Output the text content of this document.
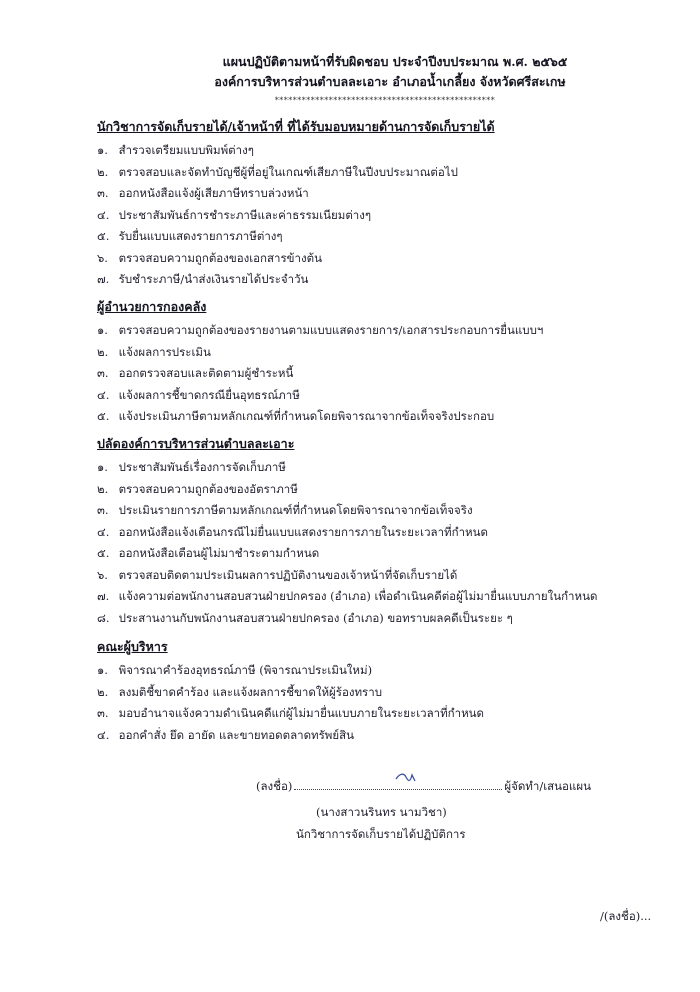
แผนปฏิบัติตามหน้าที่รับผิดชอบ ประจำปีงบประมาณ พ.ศ. ๒๕๖๕
องค์การบริหารส่วนตำบลละเอาะ อำเภอน้ำเกลี้ยง จังหวัดศรีสะเกษ
*************************************************
นักวิชาการจัดเก็บรายได้/เจ้าหน้าที่ ที่ได้รับมอบหมายด้านการจัดเก็บรายได้
๑. สำรวจเตรียมแบบพิมพ์ต่างๆ
๒. ตรวจสอบและจัดทำบัญชีผู้ที่อยู่ในเกณฑ์เสียภาษีในปีงบประมาณต่อไป
๓. ออกหนังสือแจ้งผู้เสียภาษีทราบล่วงหน้า
๔. ประชาสัมพันธ์การชำระภาษีและค่าธรรมเนียมต่างๆ
๕. รับยื่นแบบแสดงรายการภาษีต่างๆ
๖. ตรวจสอบความถูกต้องของเอกสารข้างต้น
๗. รับชำระภาษี/นำส่งเงินรายได้ประจำวัน
ผู้อำนวยการกองคลัง
๑. ตรวจสอบความถูกต้องของรายงานตามแบบแสดงรายการ/เอกสารประกอบการยื่นแบบฯ
๒. แจ้งผลการประเมิน
๓. ออกตรวจสอบและติดตามผู้ชำระหนี้
๔. แจ้งผลการชี้ขาดกรณียื่นอุทธรณ์ภาษี
๕. แจ้งประเมินภาษีตามหลักเกณฑ์ที่กำหนดโดยพิจารณาจากข้อเท็จจริงประกอบ
ปลัดองค์การบริหารส่วนตำบลละเอาะ
๑. ประชาสัมพันธ์เรื่องการจัดเก็บภาษี
๒. ตรวจสอบความถูกต้องของอัตราภาษี
๓. ประเมินรายการภาษีตามหลักเกณฑ์ที่กำหนดโดยพิจารณาจากข้อเท็จจริง
๔. ออกหนังสือแจ้งเตือนกรณีไม่ยื่นแบบแสดงรายการภายในระยะเวลาที่กำหนด
๕. ออกหนังสือเตือนผู้ไม่มาชำระตามกำหนด
๖. ตรวจสอบติดตามประเมินผลการปฏิบัติงานของเจ้าหน้าที่จัดเก็บรายได้
๗. แจ้งความต่อพนักงานสอบสวนฝ่ายปกครอง (อำเภอ) เพื่อดำเนินคดีต่อผู้ไม่มายื่นแบบภายในกำหนด
๘. ประสานงานกับพนักงานสอบสวนฝ่ายปกครอง (อำเภอ) ขอทราบผลคดีเป็นระยะ ๆ
คณะผู้บริหาร
๑. พิจารณาคำร้องอุทธรณ์ภาษี (พิจารณาประเมินใหม่)
๒. ลงมติชี้ขาดคำร้อง และแจ้งผลการชี้ขาดให้ผู้ร้องทราบ
๓. มอบอำนาจแจ้งความดำเนินคดีแก่ผู้ไม่มายื่นแบบภายในระยะเวลาที่กำหนด
๔. ออกคำสั่ง ยึด อายัด และขายทอดตลาดทรัพย์สิน
(ลงชื่อ)	ผู้จัดทำ/เสนอแผน
(นางสาวนรินทร นามวิชา)
นักวิชาการจัดเก็บรายได้ปฏิบัติการ
/(ลงชื่อ)...
